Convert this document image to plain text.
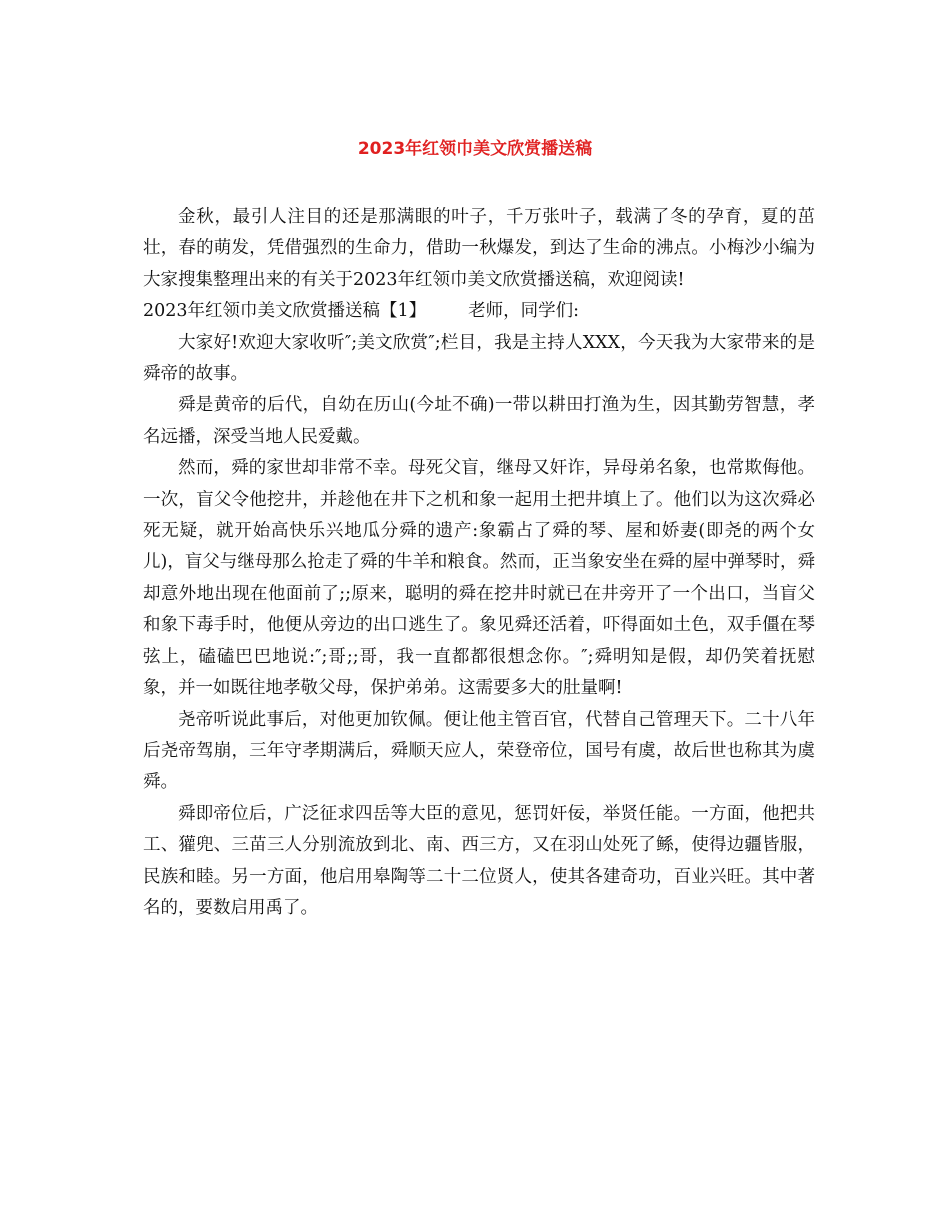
2023年红领巾美文欣赏播送稿

金秋，最引人注目的还是那满眼的叶子，千万张叶子，载满了冬的孕育，夏的茁壮，春的萌发，凭借强烈的生命力，借助一秋爆发，到达了生命的沸点。小梅沙小编为大家搜集整理出来的有关于2023年红领巾美文欣赏播送稿，欢迎阅读!

2023年红领巾美文欣赏播送稿【1】 老师，同学们:

大家好!欢迎大家收听″;美文欣赏″;栏目，我是主持人XXX，今天我为大家带来的是舜帝的故事。

舜是黄帝的后代，自幼在历山(今址不确)一带以耕田打渔为生，因其勤劳智慧，孝名远播，深受当地人民爱戴。

然而，舜的家世却非常不幸。母死父盲，继母又奸诈，异母弟名象，也常欺侮他。一次，盲父令他挖井，并趁他在井下之机和象一起用土把井填上了。他们以为这次舜必死无疑，就开始高快乐兴地瓜分舜的遗产:象霸占了舜的琴、屋和娇妻(即尧的两个女儿)，盲父与继母那么抢走了舜的牛羊和粮食。然而，正当象安坐在舜的屋中弹琴时，舜却意外地出现在他面前了;;原来，聪明的舜在挖井时就已在井旁开了一个出口，当盲父和象下毒手时，他便从旁边的出口逃生了。象见舜还活着，吓得面如土色，双手僵在琴弦上，磕磕巴巴地说:″;哥;;哥，我一直都都很想念你。″;舜明知是假，却仍笑着抚慰象，并一如既往地孝敬父母，保护弟弟。这需要多大的肚量啊!

尧帝听说此事后，对他更加钦佩。便让他主管百官，代替自己管理天下。二十八年后尧帝驾崩，三年守孝期满后，舜顺天应人，荣登帝位，国号有虞，故后世也称其为虞舜。

舜即帝位后，广泛征求四岳等大臣的意见，惩罚奸佞，举贤任能。一方面，他把共工、獾兜、三苗三人分别流放到北、南、西三方，又在羽山处死了鲧，使得边疆皆服，民族和睦。另一方面，他启用皋陶等二十二位贤人，使其各建奇功，百业兴旺。其中著名的，要数启用禹了。
